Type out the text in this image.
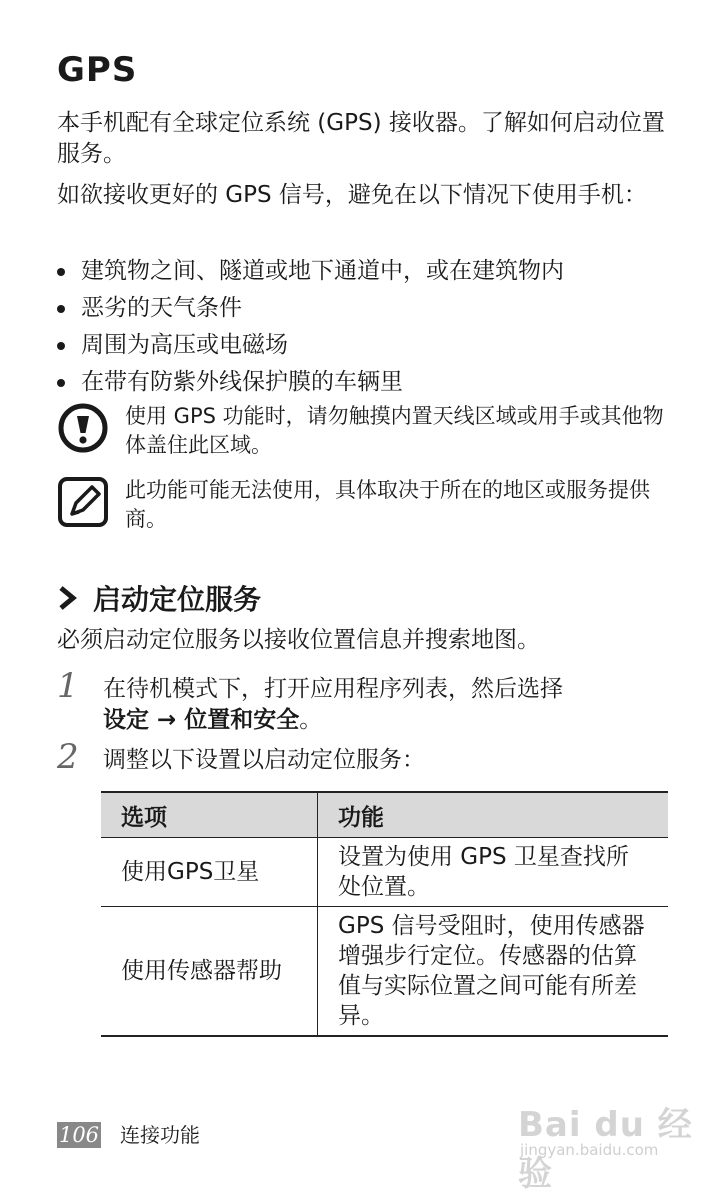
GPS
本手机配有全球定位系统 (GPS) 接收器。了解如何启动位置服务。
如欲接收更好的 GPS 信号，避免在以下情况下使用手机：
建筑物之间、隧道或地下通道中，或在建筑物内
恶劣的天气条件
周围为高压或电磁场
在带有防紫外线保护膜的车辆里
使用 GPS 功能时，请勿触摸内置天线区域或用手或其他物体盖住此区域。
此功能可能无法使用，具体取决于所在的地区或服务提供商。
启动定位服务
必须启动定位服务以接收位置信息并搜索地图。
1 在待机模式下，打开应用程序列表，然后选择
设定 → 位置和安全。
2 调整以下设置以启动定位服务：
选项	功能
使用GPS卫星	设置为使用 GPS 卫星查找所处位置。
使用传感器帮助	GPS 信号受阻时，使用传感器增强步行定位。传感器的估算值与实际位置之间可能有所差异。
106 连接功能	Bai du 经验
jingyan.baidu.com
